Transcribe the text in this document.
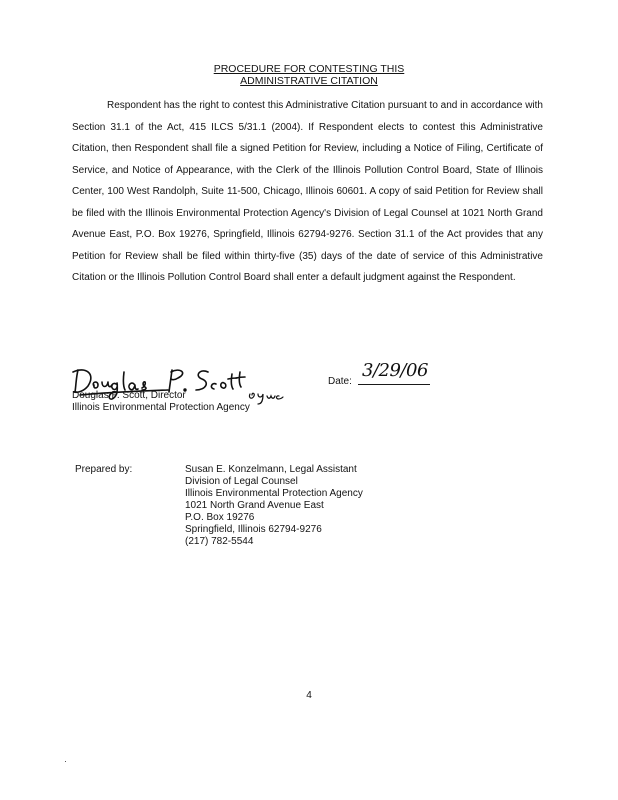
PROCEDURE FOR CONTESTING THIS
ADMINISTRATIVE CITATION

Respondent has the right to contest this Administrative Citation pursuant to and in accordance with Section 31.1 of the Act, 415 ILCS 5/31.1 (2004). If Respondent elects to contest this Administrative Citation, then Respondent shall file a signed Petition for Review, including a Notice of Filing, Certificate of Service, and Notice of Appearance, with the Clerk of the Illinois Pollution Control Board, State of Illinois Center, 100 West Randolph, Suite 11-500, Chicago, Illinois 60601. A copy of said Petition for Review shall be filed with the Illinois Environmental Protection Agency's Division of Legal Counsel at 1021 North Grand Avenue East, P.O. Box 19276, Springfield, Illinois 62794-9276. Section 31.1 of the Act provides that any Petition for Review shall be filed within thirty-five (35) days of the date of service of this Administrative Citation or the Illinois Pollution Control Board shall enter a default judgment against the Respondent.

Douglas P. Scott, Director
Illinois Environmental Protection Agency
Date:
3/29/06
Prepared by:	Susan E. Konzelmann, Legal Assistant
Division of Legal Counsel
Illinois Environmental Protection Agency
1021 North Grand Avenue East
P.O. Box 19276
Springfield, Illinois 62794-9276
(217) 782-5544
4
